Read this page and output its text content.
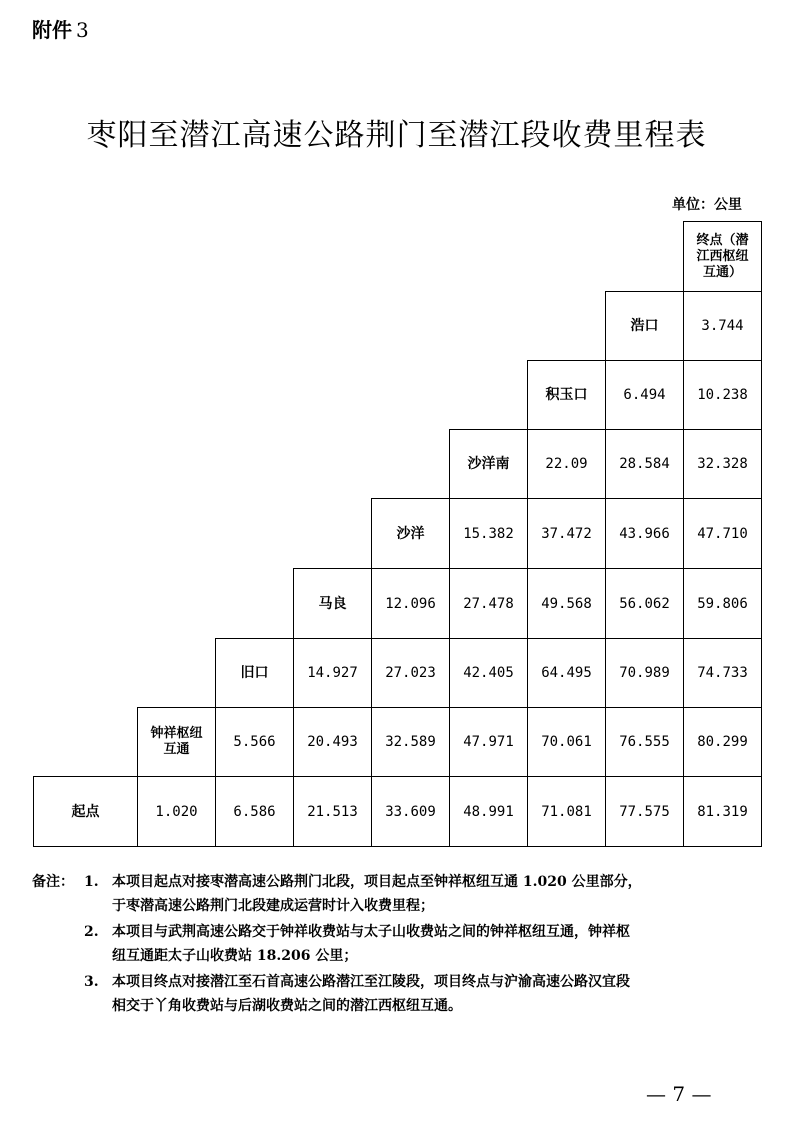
附件 3
枣阳至潜江高速公路荆门至潜江段收费里程表
单位：公里
终点（潜江西枢纽互通）
浩口	3.744
积玉口	6.494	10.238
沙洋南	22.09	28.584	32.328
沙洋	15.382	37.472	43.966	47.710
马良	12.096	27.478	49.568	56.062	59.806
旧口	14.927	27.023	42.405	64.495	70.989	74.733
钟祥枢纽互通	5.566	20.493	32.589	47.971	70.061	76.555	80.299
起点	1.020	6.586	21.513	33.609	48.991	71.081	77.575	81.319
备注： 1. 本项目起点对接枣潜高速公路荆门北段，项目起点至钟祥枢纽互通 1.020 公里部分，
于枣潜高速公路荆门北段建成运营时计入收费里程；
2. 本项目与武荆高速公路交于钟祥收费站与太子山收费站之间的钟祥枢纽互通，钟祥枢
纽互通距太子山收费站 18.206 公里；
3. 本项目终点对接潜江至石首高速公路潜江至江陵段，项目终点与沪渝高速公路汉宜段
相交于丫角收费站与后湖收费站之间的潜江西枢纽互通。
— 7 —
